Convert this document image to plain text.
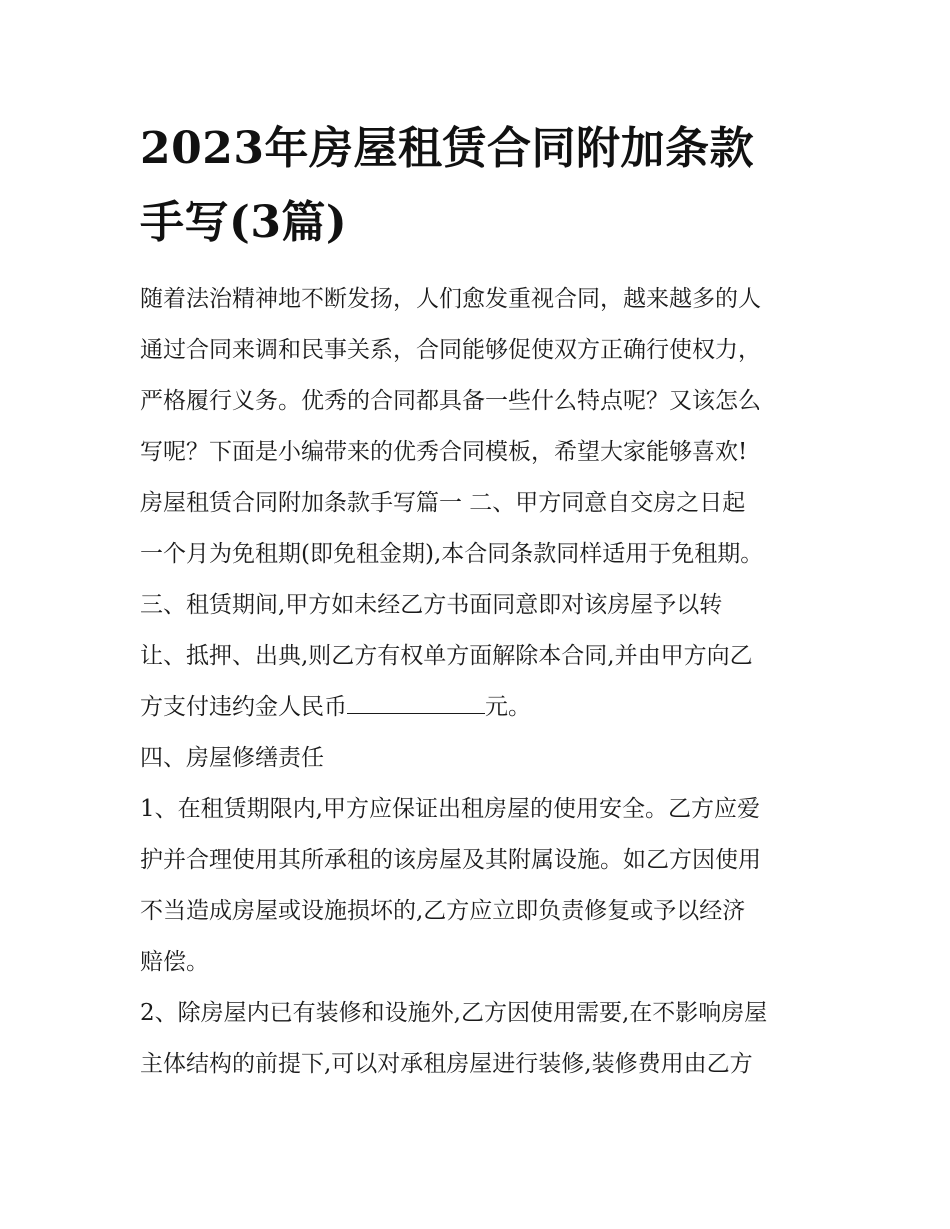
2023年房屋租赁合同附加条款
手写(3篇)
随着法治精神地不断发扬，人们愈发重视合同，越来越多的人
通过合同来调和民事关系，合同能够促使双方正确行使权力，
严格履行义务。优秀的合同都具备一些什么特点呢？又该怎么
写呢？下面是小编带来的优秀合同模板，希望大家能够喜欢!
房屋租赁合同附加条款手写篇一 二、甲方同意自交房之日起
一个月为免租期(即免租金期),本合同条款同样适用于免租期。
三、租赁期间,甲方如未经乙方书面同意即对该房屋予以转
让、抵押、出典,则乙方有权单方面解除本合同,并由甲方向乙
方支付违约金人民币	元。
四、房屋修缮责任
1、在租赁期限内,甲方应保证出租房屋的使用安全。乙方应爱
护并合理使用其所承租的该房屋及其附属设施。如乙方因使用
不当造成房屋或设施损坏的,乙方应立即负责修复或予以经济
赔偿。
2、除房屋内已有装修和设施外,乙方因使用需要,在不影响房屋
主体结构的前提下,可以对承租房屋进行装修,装修费用由乙方
